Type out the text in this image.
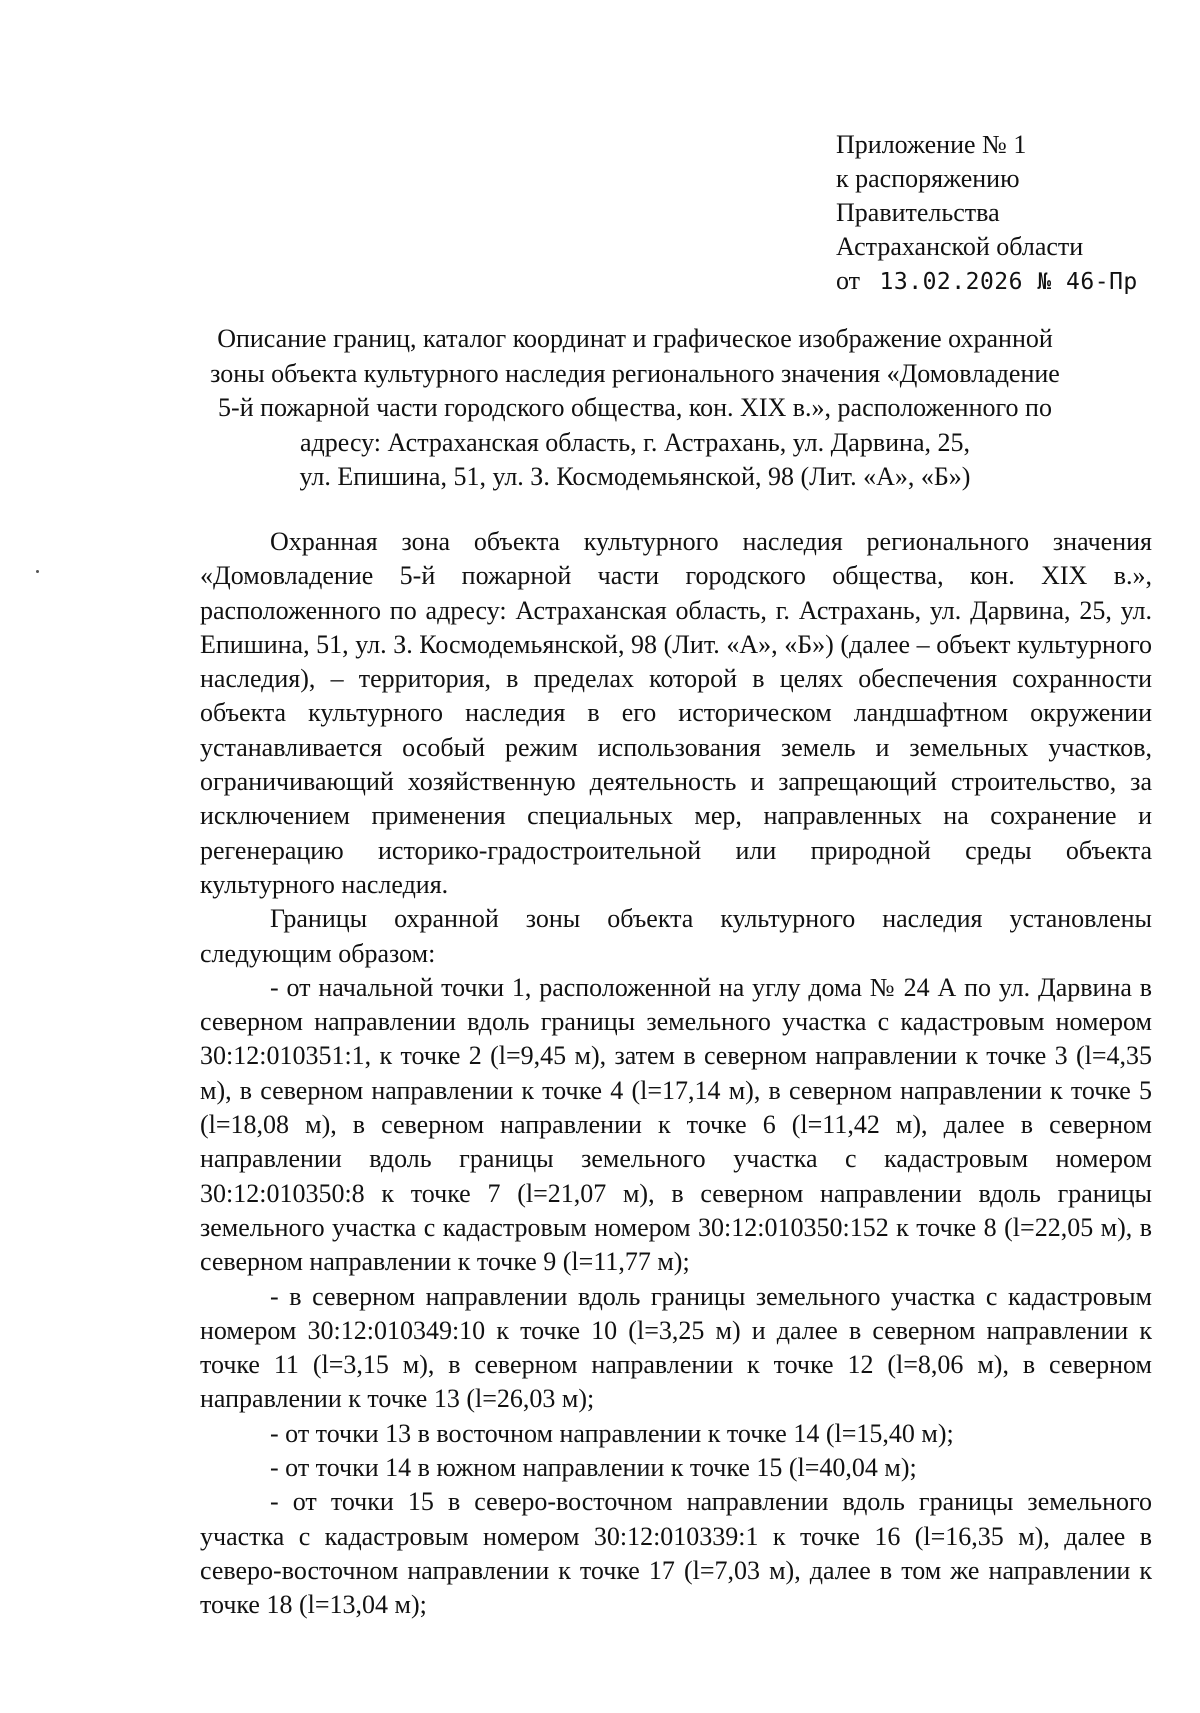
Приложение № 1
к распоряжению
Правительства
Астраханской области
от 13.02.2026 № 46-Пр
Описание границ, каталог координат и графическое изображение охранной
зоны объекта культурного наследия регионального значения «Домовладение
5-й пожарной части городского общества, кон. XIX в.», расположенного по
адресу: Астраханская область, г. Астрахань, ул. Дарвина, 25,
ул. Епишина, 51, ул. З. Космодемьянской, 98 (Лит. «А», «Б»)

Охранная зона объекта культурного наследия регионального значения «Домовладение 5-й пожарной части городского общества, кон. XIX в.», расположенного по адресу: Астраханская область, г. Астрахань, ул. Дарвина, 25, ул. Епишина, 51, ул. З. Космодемьянской, 98 (Лит. «А», «Б») (далее – объект культурного наследия), – территория, в пределах которой в целях обеспечения сохранности объекта культурного наследия в его историческом ландшафтном окружении устанавливается особый режим использования земель и земельных участков, ограничивающий хозяйственную деятельность и запрещающий строительство, за исключением применения специальных мер, направленных на сохранение и регенерацию историко-градостроительной или природной среды объекта культурного наследия.

Границы охранной зоны объекта культурного наследия установлены следующим образом:

- от начальной точки 1, расположенной на углу дома № 24 А по ул. Дарвина в северном направлении вдоль границы земельного участка с кадастровым номером 30:12:010351:1, к точке 2 (l=9,45 м), затем в северном направлении к точке 3 (l=4,35 м), в северном направлении к точке 4 (l=17,14 м), в северном направлении к точке 5 (l=18,08 м), в северном направлении к точке 6 (l=11,42 м), далее в северном направлении вдоль границы земельного участка с кадастровым номером 30:12:010350:8 к точке 7 (l=21,07 м), в северном направлении вдоль границы земельного участка с кадастровым номером 30:12:010350:152 к точке 8 (l=22,05 м), в северном направлении к точке 9 (l=11,77 м);

- в северном направлении вдоль границы земельного участка с кадастровым номером 30:12:010349:10 к точке 10 (l=3,25 м) и далее в северном направлении к точке 11 (l=3,15 м), в северном направлении к точке 12 (l=8,06 м), в северном направлении к точке 13 (l=26,03 м);

- от точки 13 в восточном направлении к точке 14 (l=15,40 м);

- от точки 14 в южном направлении к точке 15 (l=40,04 м);

- от точки 15 в северо-восточном направлении вдоль границы земельного участка с кадастровым номером 30:12:010339:1 к точке 16 (l=16,35 м), далее в северо-восточном направлении к точке 17 (l=7,03 м), далее в том же направлении к точке 18 (l=13,04 м);
